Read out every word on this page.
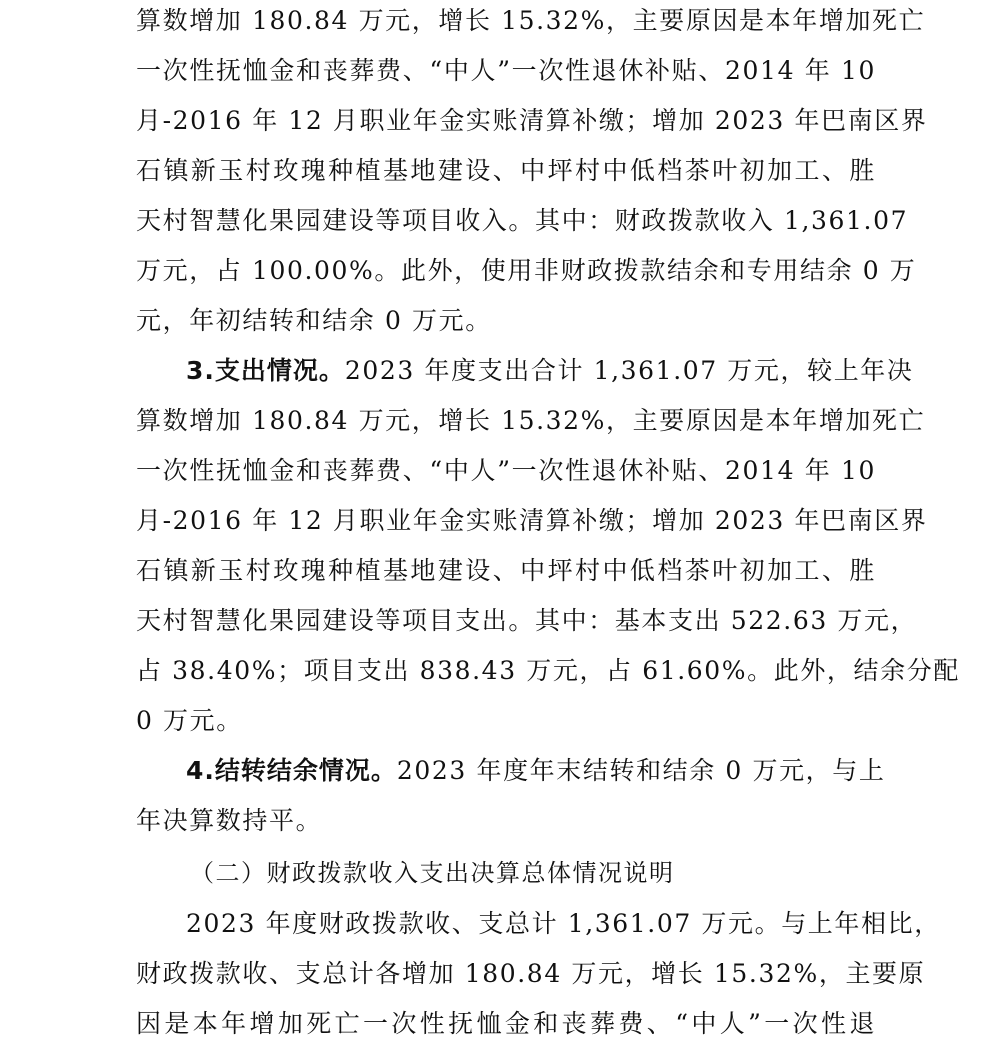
算数增加 180.84 万元，增长 15.32%，主要原因是本年增加死亡
一次性抚恤金和丧葬费、“中人”一次性退休补贴、2014 年 10
月-2016 年 12 月职业年金实账清算补缴；增加 2023 年巴南区界
石镇新玉村玫瑰种植基地建设、中坪村中低档茶叶初加工、胜
天村智慧化果园建设等项目收入。其中：财政拨款收入 1,361.07
万元，占 100.00%。此外，使用非财政拨款结余和专用结余 0 万
元，年初结转和结余 0 万元。
3.支出情况。2023 年度支出合计 1,361.07 万元，较上年决
算数增加 180.84 万元，增长 15.32%，主要原因是本年增加死亡
一次性抚恤金和丧葬费、“中人”一次性退休补贴、2014 年 10
月-2016 年 12 月职业年金实账清算补缴；增加 2023 年巴南区界
石镇新玉村玫瑰种植基地建设、中坪村中低档茶叶初加工、胜
天村智慧化果园建设等项目支出。其中：基本支出 522.63 万元，
占 38.40%；项目支出 838.43 万元，占 61.60%。此外，结余分配
0 万元。
4.结转结余情况。2023 年度年末结转和结余 0 万元，与上
年决算数持平。
（二）财政拨款收入支出决算总体情况说明
2023 年度财政拨款收、支总计 1,361.07 万元。与上年相比，
财政拨款收、支总计各增加 180.84 万元，增长 15.32%，主要原
因是本年增加死亡一次性抚恤金和丧葬费、“中人”一次性退
